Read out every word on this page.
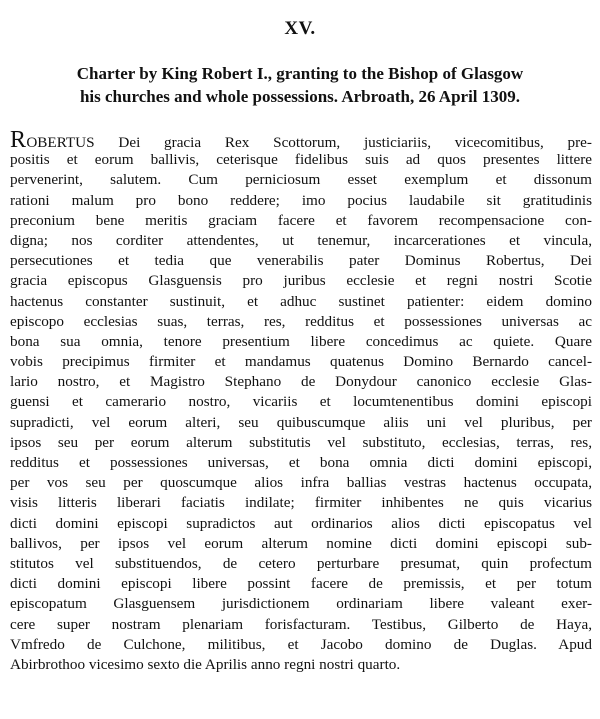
XV.
Charter by King Robert I., granting to the Bishop of Glasgow
his churches and whole possessions. Arbroath, 26 April 1309.
ROBERTUS Dei gracia Rex Scottorum, justiciariis, vicecomitibus, pre-
positis et eorum ballivis, ceterisque fidelibus suis ad quos presentes littere
pervenerint, salutem. Cum perniciosum esset exemplum et dissonum
rationi malum pro bono reddere; imo pocius laudabile sit gratitudinis
preconium bene meritis graciam facere et favorem recompensacione con-
digna; nos corditer attendentes, ut tenemur, incarcerationes et vincula,
persecutiones et tedia que venerabilis pater Dominus Robertus, Dei
gracia episcopus Glasguensis pro juribus ecclesie et regni nostri Scotie
hactenus constanter sustinuit, et adhuc sustinet patienter: eidem domino
episcopo ecclesias suas, terras, res, redditus et possessiones universas ac
bona sua omnia, tenore presentium libere concedimus ac quiete. Quare
vobis precipimus firmiter et mandamus quatenus Domino Bernardo cancel-
lario nostro, et Magistro Stephano de Donydour canonico ecclesie Glas-
guensi et camerario nostro, vicariis et locumtenentibus domini episcopi
supradicti, vel eorum alteri, seu quibuscumque aliis uni vel pluribus, per
ipsos seu per eorum alterum substitutis vel substituto, ecclesias, terras, res,
redditus et possessiones universas, et bona omnia dicti domini episcopi,
per vos seu per quoscumque alios infra ballias vestras hactenus occupata,
visis litteris liberari faciatis indilate; firmiter inhibentes ne quis vicarius
dicti domini episcopi supradictos aut ordinarios alios dicti episcopatus vel
ballivos, per ipsos vel eorum alterum nomine dicti domini episcopi sub-
stitutos vel substituendos, de cetero perturbare presumat, quin profectum
dicti domini episcopi libere possint facere de premissis, et per totum
episcopatum Glasguensem jurisdictionem ordinariam libere valeant exer-
cere super nostram plenariam forisfacturam. Testibus, Gilberto de Haya,
Vmfredo de Culchone, militibus, et Jacobo domino de Duglas. Apud
Abirbrothoo vicesimo sexto die Aprilis anno regni nostri quarto.
